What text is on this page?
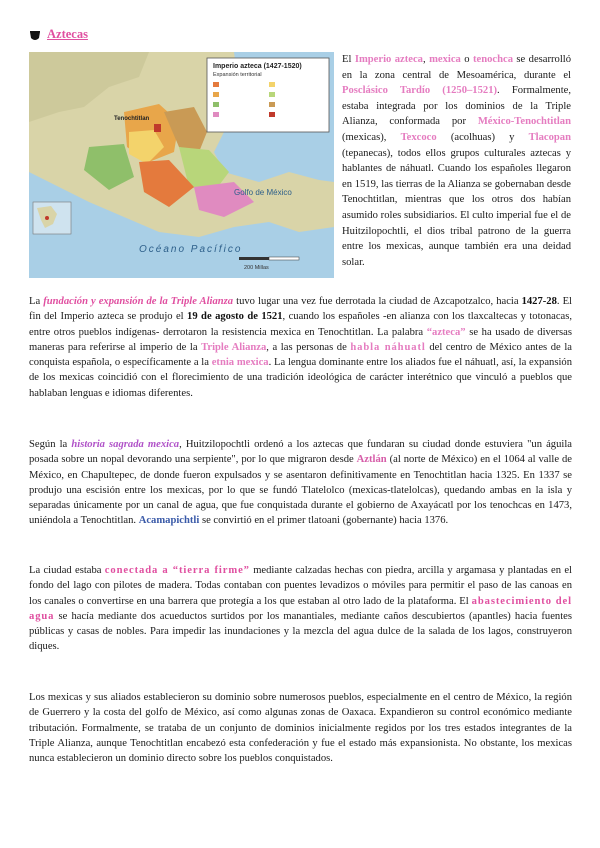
Aztecas
Imperio azteca (1427-1520)
Expansión territorial
Golfo de México
Océano Pacífico
Tenochtitlan
200 Millas

El Imperio azteca, mexica o tenochca se desarrolló en la zona central de Mesoamérica, durante el Posclásico Tardío (1250–1521). Formalmente, estaba integrada por los dominios de la Triple Alianza, conformada por México-Tenochtitlan (mexicas), Texcoco (acolhuas) y Tlacopan (tepanecas), todos ellos grupos culturales aztecas y hablantes de náhuatl. Cuando los españoles llegaron en 1519, las tierras de la Alianza se gobernaban desde Tenochtitlan, mientras que los otros dos habían asumido roles subsidiarios. El culto imperial fue el de Huitzilopochtli, el dios tribal patrono de la guerra entre los mexicas, aunque también era una deidad solar.

La fundación y expansión de la Triple Alianza tuvo lugar una vez fue derrotada la ciudad de Azcapotzalco, hacia 1427-28. El fin del Imperio azteca se produjo el 19 de agosto de 1521, cuando los españoles -en alianza con los tlaxcaltecas y totonacas, entre otros pueblos indígenas- derrotaron la resistencia mexica en Tenochtitlan. La palabra “azteca” se ha usado de diversas maneras para referirse al imperio de la Triple Alianza, a las personas de habla náhuatl del centro de México antes de la conquista española, o específicamente a la etnia mexica. La lengua dominante entre los aliados fue el náhuatl, así, la expansión de los mexicas coincidió con el florecimiento de una tradición ideológica de carácter interétnico que vinculó a pueblos que hablaban lenguas e idiomas diferentes.

Según la historia sagrada mexica, Huitzilopochtli ordenó a los aztecas que fundaran su ciudad donde estuviera "un águila posada sobre un nopal devorando una serpiente", por lo que migraron desde Aztlán (al norte de México) en el 1064 al valle de México, en Chapultepec, de donde fueron expulsados y se asentaron definitivamente en Tenochtitlan hacia 1325. En 1337 se produjo una escisión entre los mexicas, por lo que se fundó Tlatelolco (mexicas-tlatelolcas), quedando ambas en la isla y separadas únicamente por un canal de agua, que fue conquistada durante el gobierno de Axayácatl por los tenochcas en 1473, uniéndola a Tenochtitlan. Acamapichtli se convirtió en el primer tlatoani (gobernante) hacia 1376.

La ciudad estaba conectada a “tierra firme” mediante calzadas hechas con piedra, arcilla y argamasa y plantadas en el fondo del lago con pilotes de madera. Todas contaban con puentes levadizos o móviles para permitir el paso de las canoas en los canales o convertirse en una barrera que protegía a los que estaban al otro lado de la plataforma. El abastecimiento del agua se hacía mediante dos acueductos surtidos por los manantiales, mediante caños descubiertos (apantles) hacia fuentes públicas y casas de nobles. Para impedir las inundaciones y la mezcla del agua dulce de la salada de los lagos, construyeron diques.

Los mexicas y sus aliados establecieron su dominio sobre numerosos pueblos, especialmente en el centro de México, la región de Guerrero y la costa del golfo de México, así como algunas zonas de Oaxaca. Expandieron su control económico mediante tributación. Formalmente, se trataba de un conjunto de dominios inicialmente regidos por los tres estados integrantes de la Triple Alianza, aunque Tenochtitlan encabezó esta confederación y fue el estado más expansionista. No obstante, los mexicas nunca establecieron un dominio directo sobre los pueblos conquistados.
